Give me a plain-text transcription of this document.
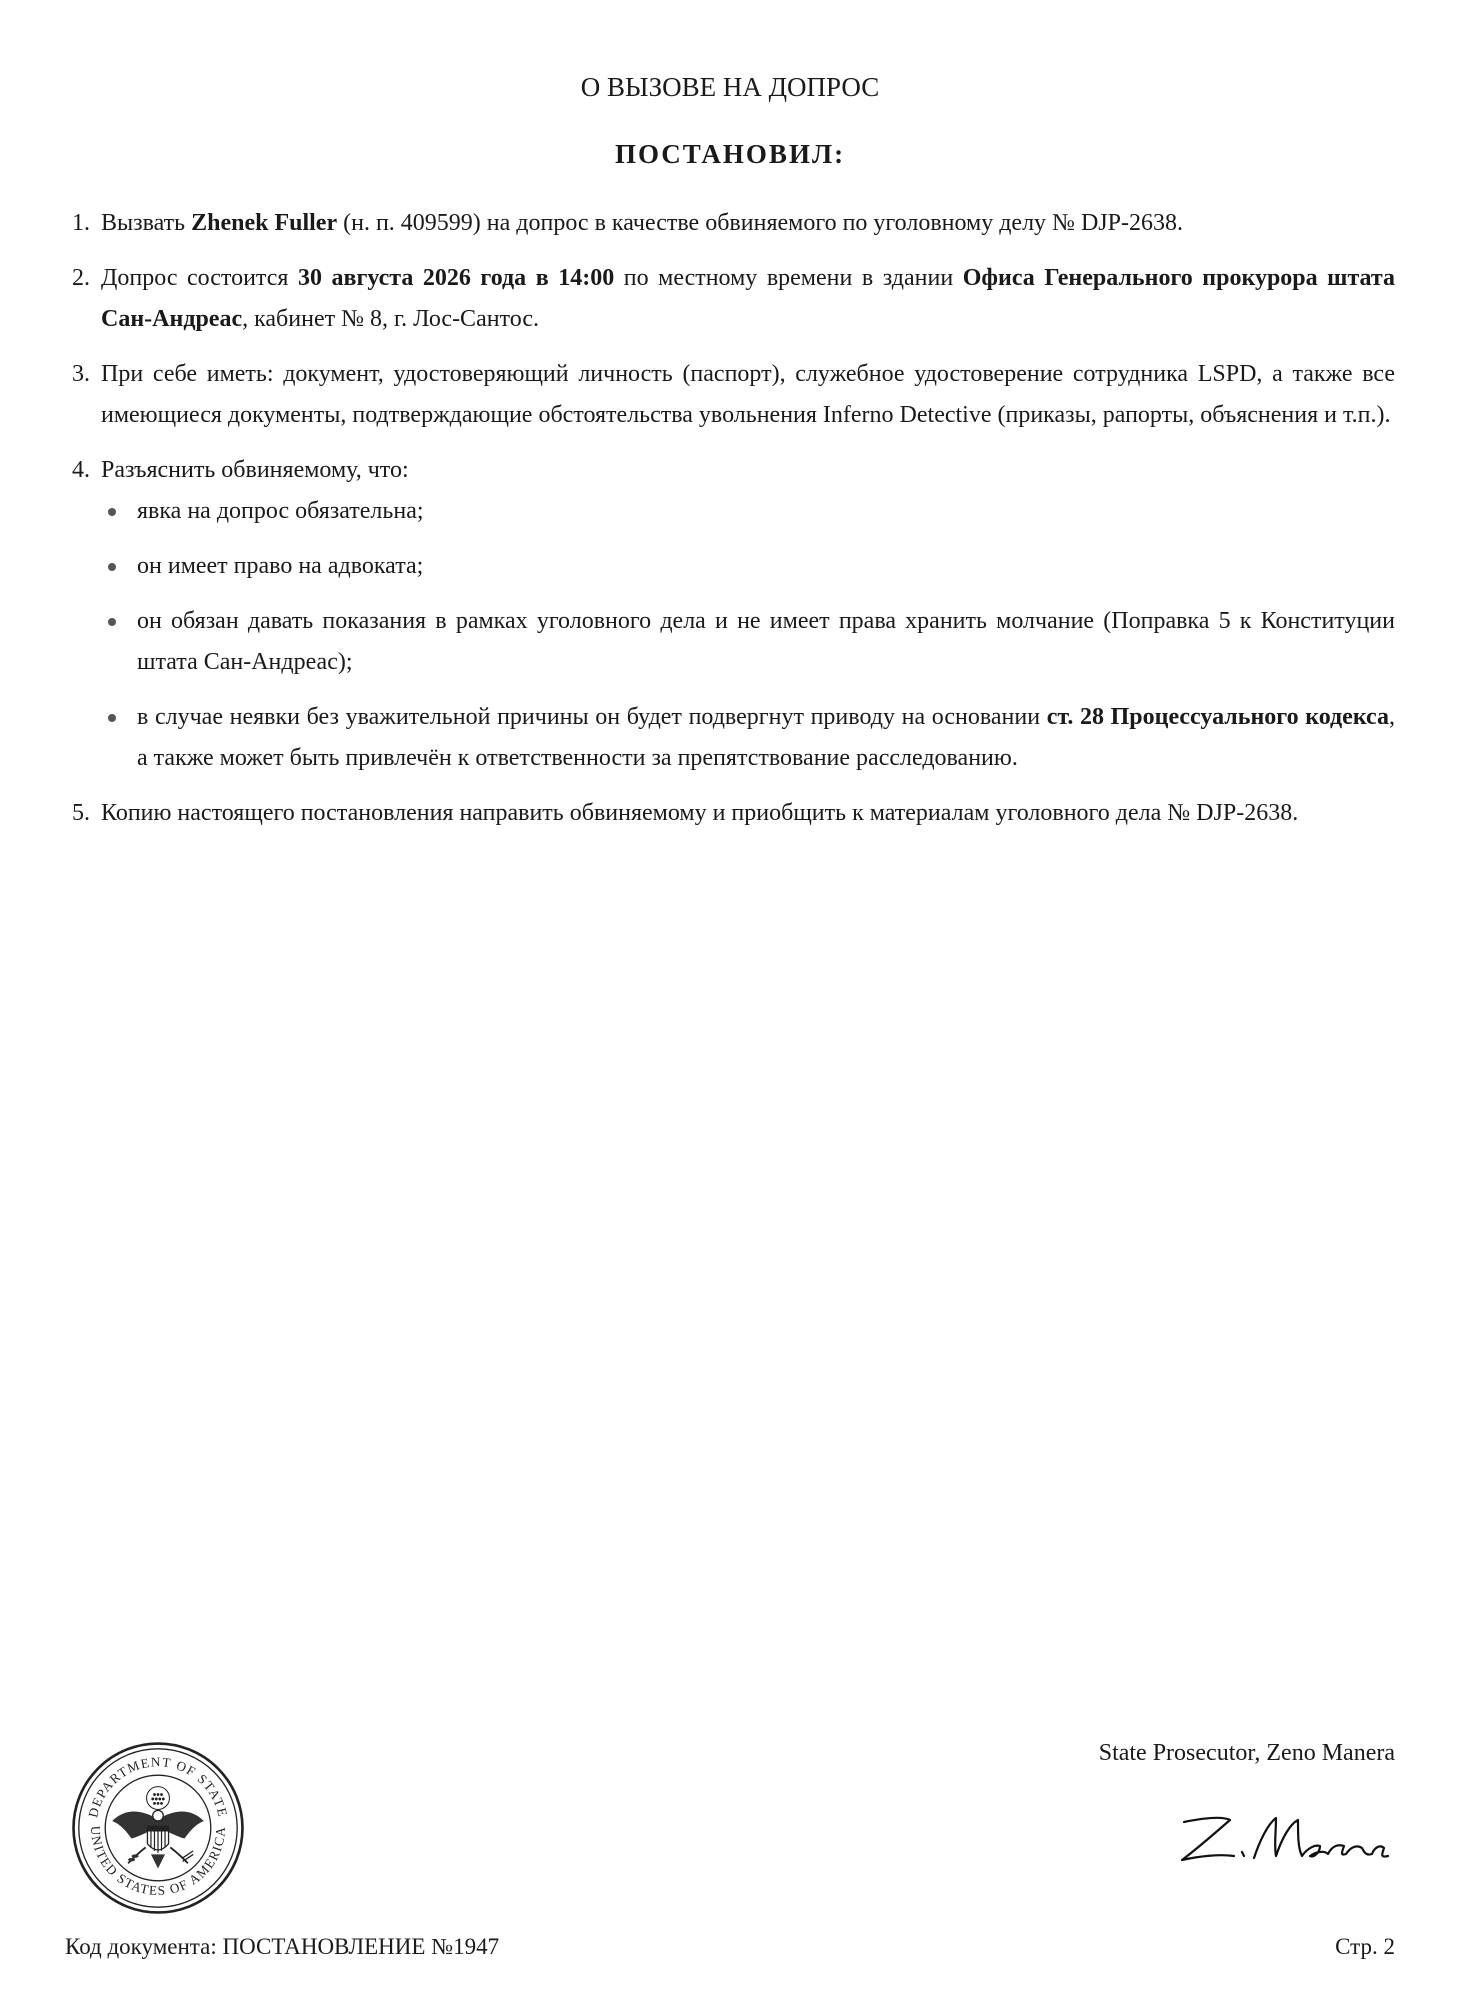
О ВЫЗОВЕ НА ДОПРОС
ПОСТАНОВИЛ:
1. Вызвать Zhenek Fuller (н. п. 409599) на допрос в качестве обвиняемого по уголовному делу № DJP-2638.
2. Допрос состоится 30 августа 2026 года в 14:00 по местному времени в здании Офиса Генерального прокурора штата Сан-Андреас, кабинет № 8, г. Лос-Сантос.
3. При себе иметь: документ, удостоверяющий личность (паспорт), служебное удостоверение сотрудника LSPD, а также все имеющиеся документы, подтверждающие обстоятельства увольнения Inferno Detective (приказы, рапорты, объяснения и т.п.).
4. Разъяснить обвиняемому, что:
явка на допрос обязательна;
он имеет право на адвоката;
он обязан давать показания в рамках уголовного дела и не имеет права хранить молчание (Поправка 5 к Конституции штата Сан-Андреас);
в случае неявки без уважительной причины он будет подвергнут приводу на основании ст. 28 Процессуального кодекса, а также может быть привлечён к ответственности за препятствование расследованию.
5. Копию настоящего постановления направить обвиняемому и приобщить к материалам уголовного дела № DJP-2638.
DEPARTMENT OF STATE
UNITED STATES OF AMERICA
State Prosecutor, Zeno Manera
Код документа: ПОСТАНОВЛЕНИЕ №1947	Стр. 2
